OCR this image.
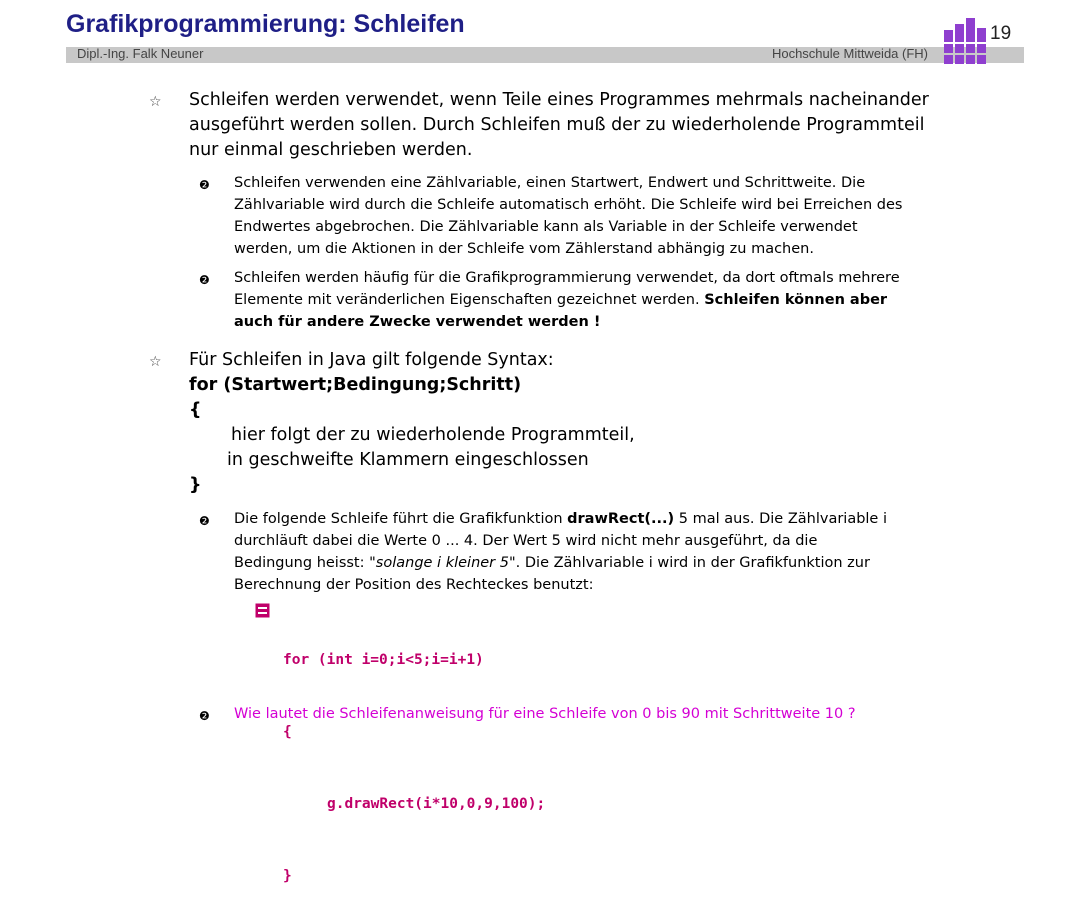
Grafikprogrammierung: Schleifen
Dipl.-Ing. Falk Neuner	Hochschule Mittweida (FH)
19
☆ Schleifen werden verwendet, wenn Teile eines Programmes mehrmals nacheinander
ausgeführt werden sollen. Durch Schleifen muß der zu wiederholende Programmteil
nur einmal geschrieben werden.
❷ Schleifen verwenden eine Zählvariable, einen Startwert, Endwert und Schrittweite. Die
Zählvariable wird durch die Schleife automatisch erhöht. Die Schleife wird bei Erreichen des
Endwertes abgebrochen. Die Zählvariable kann als Variable in der Schleife verwendet
werden, um die Aktionen in der Schleife vom Zählerstand abhängig zu machen.
❷ Schleifen werden häufig für die Grafikprogrammierung verwendet, da dort oftmals mehrere
Elemente mit veränderlichen Eigenschaften gezeichnet werden. Schleifen können aber
auch für andere Zwecke verwendet werden !
☆ Für Schleifen in Java gilt folgende Syntax:
for (Startwert;Bedingung;Schritt)
{
hier folgt der zu wiederholende Programmteil,
in geschweifte Klammern eingeschlossen
}
❷ Die folgende Schleife führt die Grafikfunktion drawRect(...) 5 mal aus. Die Zählvariable i
durchläuft dabei die Werte 0 ... 4. Der Wert 5 wird nicht mehr ausgeführt, da die
Bedingung heisst: "solange i kleiner 5". Die Zählvariable i wird in der Grafikfunktion zur
Berechnung der Position des Rechteckes benutzt:

for (int i=0;i<5;i=i+1)

{

g.drawRect(i*10,0,9,100);

}

❷ Wie lautet die Schleifenanweisung für eine Schleife von 0 bis 90 mit Schrittweite 10 ?
